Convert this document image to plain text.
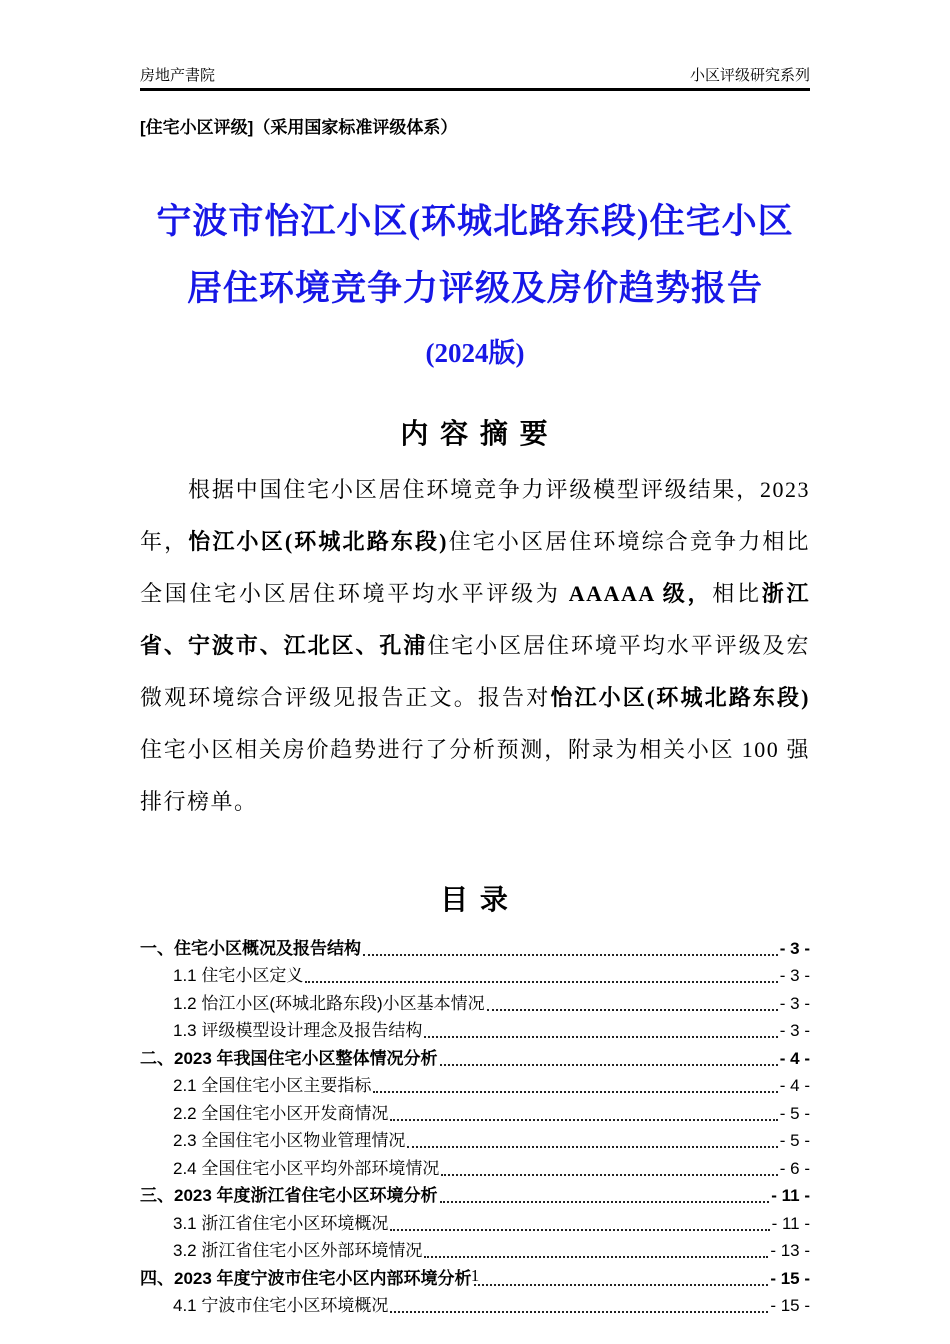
房地产書院	小区评级研究系列
[住宅小区评级]（采用国家标准评级体系）
宁波市怡江小区(环城北路东段)住宅小区
居住环境竞争力评级及房价趋势报告
(2024版)
内 容 摘 要

根据中国住宅小区居住环境竞争力评级模型评级结果，2023 年，怡江小区(环城北路东段)住宅小区居住环境综合竞争力相比全国住宅小区居住环境平均水平评级为 AAAAA 级，相比浙江省、宁波市、江北区、孔浦住宅小区居住环境平均水平评级及宏微观环境综合评级见报告正文。报告对怡江小区(环城北路东段)住宅小区相关房价趋势进行了分析预测，附录为相关小区 100 强排行榜单。

目 录
一、住宅小区概况及报告结构	- 3 -
1.1 住宅小区定义	- 3 -
1.2 怡江小区(环城北路东段)小区基本情况	- 3 -
1.3 评级模型设计理念及报告结构	- 3 -
二、2023 年我国住宅小区整体情况分析	- 4 -
2.1 全国住宅小区主要指标	- 4 -
2.2 全国住宅小区开发商情况	- 5 -
2.3 全国住宅小区物业管理情况	- 5 -
2.4 全国住宅小区平均外部环境情况	- 6 -
三、2023 年度浙江省住宅小区环境分析	- 11 -
3.1 浙江省住宅小区环境概况	- 11 -
3.2 浙江省住宅小区外部环境情况	- 13 -
四、2023 年度宁波市住宅小区内部环境分析	- 15 -
4.1 宁波市住宅小区环境概况	- 15 -
1
